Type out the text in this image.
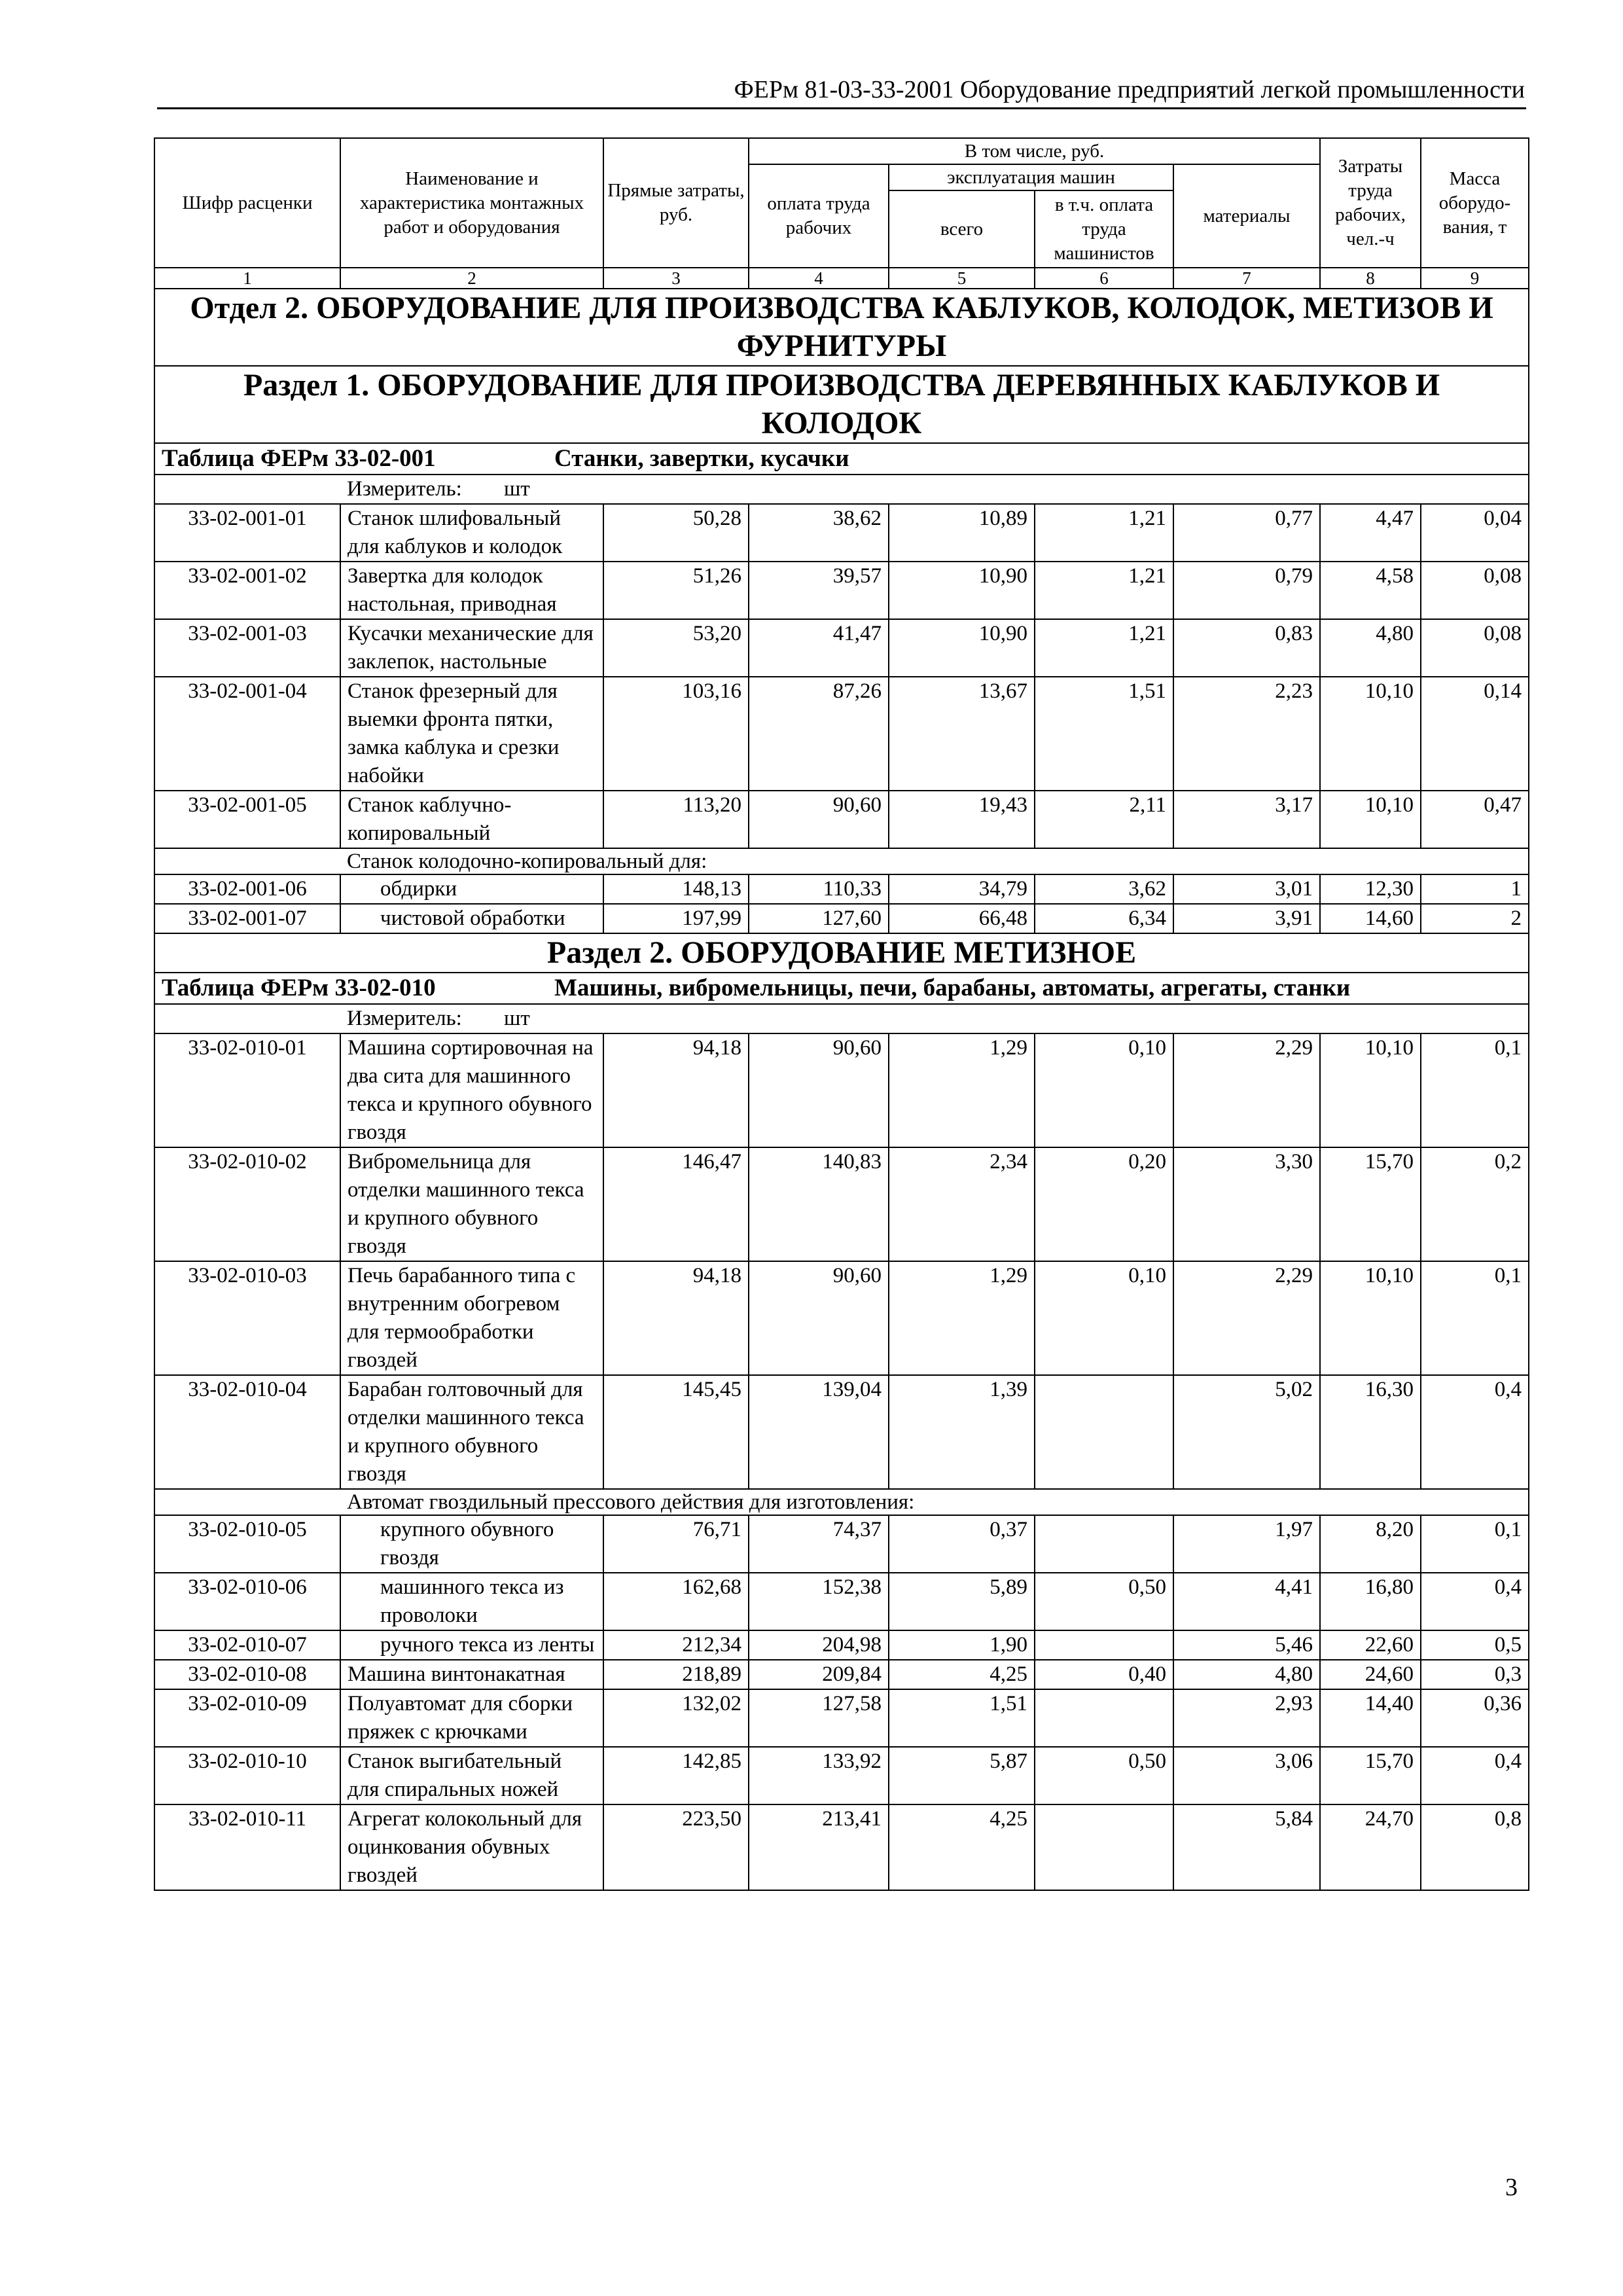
ФЕРм 81-03-33-2001 Оборудование предприятий легкой промышленности
Шифр расценки	Наименование и характеристика монтажных работ и оборудования	Прямые затраты, руб.	В том числе, руб.				Затраты труда рабочих, чел.-ч	Масса оборудо-вания, т
			оплата труда рабочих	эксплуатация машин		материалы		
				всего	в т.ч. оплата труда машинистов			
1	2	3	4	5	6	7	8	9
Отдел 2. ОБОРУДОВАНИЕ ДЛЯ ПРОИЗВОДСТВА КАБЛУКОВ, КОЛОДОК, МЕТИЗОВ И ФУРНИТУРЫ								
Раздел 1. ОБОРУДОВАНИЕ ДЛЯ ПРОИЗВОДСТВА ДЕРЕВЯННЫХ КАБЛУКОВ И КОЛОДОК								
Таблица ФЕРм 33-02-001 Станки, завертки, кусачки								
	Измеритель: шт							
33-02-001-01	Станок шлифовальный для каблуков и колодок	50,28	38,62	10,89	1,21	0,77	4,47	0,04
33-02-001-02	Завертка для колодок настольная, приводная	51,26	39,57	10,90	1,21	0,79	4,58	0,08
33-02-001-03	Кусачки механические для заклепок, настольные	53,20	41,47	10,90	1,21	0,83	4,80	0,08
33-02-001-04	Станок фрезерный для выемки фронта пятки, замка каблука и срезки набойки	103,16	87,26	13,67	1,51	2,23	10,10	0,14
33-02-001-05	Станок каблучно-копировальный	113,20	90,60	19,43	2,11	3,17	10,10	0,47
	Станок колодочно-копировальный для:							
33-02-001-06	обдирки	148,13	110,33	34,79	3,62	3,01	12,30	1
33-02-001-07	чистовой обработки	197,99	127,60	66,48	6,34	3,91	14,60	2
Раздел 2. ОБОРУДОВАНИЕ МЕТИЗНОЕ								
Таблица ФЕРм 33-02-010 Машины, вибромельницы, печи, барабаны, автоматы, агрегаты, станки								
	Измеритель: шт							
33-02-010-01	Машина сортировочная на два сита для машинного текса и крупного обувного гвоздя	94,18	90,60	1,29	0,10	2,29	10,10	0,1
33-02-010-02	Вибромельница для отделки машинного текса и крупного обувного гвоздя	146,47	140,83	2,34	0,20	3,30	15,70	0,2
33-02-010-03	Печь барабанного типа с внутренним обогревом для термообработки гвоздей	94,18	90,60	1,29	0,10	2,29	10,10	0,1
33-02-010-04	Барабан голтовочный для отделки машинного текса и крупного обувного гвоздя	145,45	139,04	1,39		5,02	16,30	0,4
	Автомат гвоздильный прессового действия для изготовления:							
33-02-010-05	крупного обувного гвоздя	76,71	74,37	0,37		1,97	8,20	0,1
33-02-010-06	машинного текса из проволоки	162,68	152,38	5,89	0,50	4,41	16,80	0,4
33-02-010-07	ручного текса из ленты	212,34	204,98	1,90		5,46	22,60	0,5
33-02-010-08	Машина винтонакатная	218,89	209,84	4,25	0,40	4,80	24,60	0,3
33-02-010-09	Полуавтомат для сборки пряжек с крючками	132,02	127,58	1,51		2,93	14,40	0,36
33-02-010-10	Станок выгибательный для спиральных ножей	142,85	133,92	5,87	0,50	3,06	15,70	0,4
33-02-010-11	Агрегат колокольный для оцинкования обувных гвоздей	223,50	213,41	4,25		5,84	24,70	0,8
3
